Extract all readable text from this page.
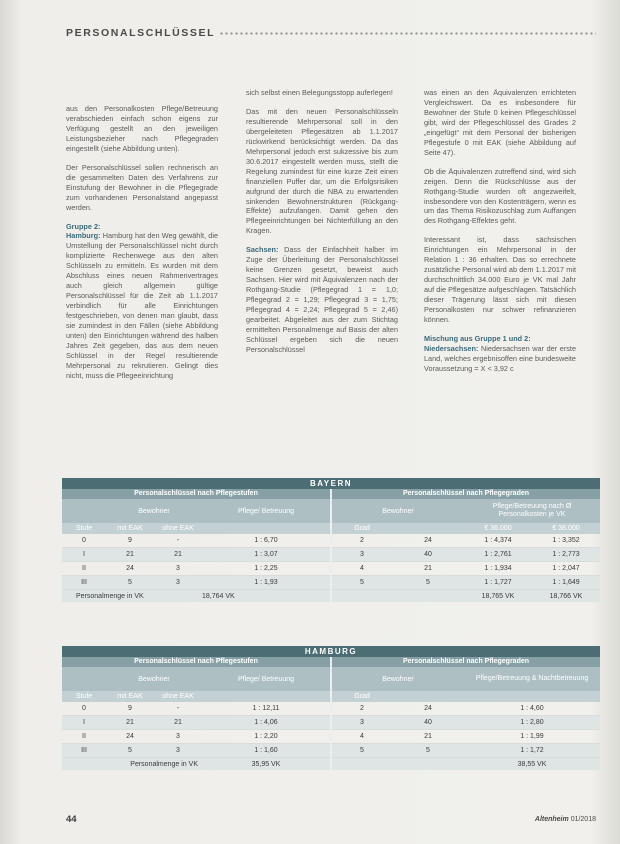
PERSONALSCHLÜSSEL

aus den Personalkosten Pflege/Betreuung verabschieden einfach schon eigens zur Verfügung gestellt an den jeweiligen Leistungsbezieher nach Pflegegraden eingestellt (siehe Abbildung unten).

Der Personalschlüssel sollen rechnerisch an die gesammelten Daten des Verfahrens zur Einstufung der Bewohner in die Pflegegrade zum vorhandenen Personalstand angepasst werden.

Gruppe 2:

Hamburg: Hamburg hat den Weg gewählt, die Umstellung der Personalschlüssel nicht durch komplizierte Rechenwege aus den alten Schlüsseln zu ermitteln. Es wurden mit dem Abschluss eines neuen Rahmenvertrages auch gleich allgemein gültige Personalschlüssel für die Zeit ab 1.1.2017 verbindlich für alle Einrichtungen festgeschrieben, von denen man glaubt, dass sie zumindest in den Fällen (siehe Abbildung unten) den Einrichtungen während des halben Jahres Zeit gegeben, das aus dem neuen Schlüssel in der Regel resultierende Mehrpersonal zu rekrutieren. Gelingt dies nicht, muss die Pflegeeinrichtung

sich selbst einen Belegungsstopp auferlegen!

Das mit den neuen Personalschlüsseln resultierende Mehrpersonal soll in den übergeleiteten Pflegesätzen ab 1.1.2017 rückwirkend berücksichtigt werden. Da das Mehrpersonal jedoch erst sukzessive bis zum 30.6.2017 eingestellt werden muss, stellt die Regelung zumindest für eine kurze Zeit einen finanziellen Puffer dar, um die Erfolgsrisiken aufgrund der durch die NBA zu erwartenden sinkenden Bewohnerstrukturen (Rückgang-Effekte) aufzufangen. Damit gehen den Pflegeeinrichtungen bei Nichterfüllung an den Kragen.

Sachsen: Dass der Einfachheit halber im Zuge der Überleitung der Personalschlüssel keine Grenzen gesetzt, beweist auch Sachsen. Hier wird mit Äquivalenzen nach der Rothgang-Studie (Pflegegrad 1 = 1,0; Pflegegrad 2 = 1,29; Pflegegrad 3 = 1,75; Pflegegrad 4 = 2,24; Pflegegrad 5 = 2,46) gearbeitet. Abgeleitet aus der zum Stichtag ermittelten Personalmenge auf Basis der alten Schlüssel ergeben sich die neuen Personalschlüssel

was einen an den Äquivalenzen errichteten Vergleichswert. Da es insbesondere für Bewohner der Stufe 0 keinen Pflegeschlüssel gibt, wird der Pflegeschlüssel des Grades 2 „eingefügt“ mit dem Personal der bisherigen Pflegestufe 0 mit EAK (siehe Abbildung auf Seite 47).

Ob die Äquivalenzen zutreffend sind, wird sich zeigen. Denn die Rückschlüsse aus der Rothgang-Studie wurden oft angezweifelt, insbesondere von den Kostenträgern, wenn es um das Thema Risikozuschlag zum Auffangen des Rothgang-Effektes geht.

Interessant ist, dass sächsischen Einrichtungen ein Mehrpersonal in der Relation 1 : 36 erhalten. Das so errechnete zusätzliche Personal wird ab dem 1.1.2017 mit durchschnittlich 34.000 Euro je VK mal Jahr auf die Pflegesätze aufgeschlagen. Tatsächlich dieser Trägerung lässt sich mit diesen Personalkosten nur schwer refinanzieren können.

Mischung aus Gruppe 1 und 2:

Niedersachsen: Niedersachsen war der erste Land, welches ergebnisoffen eine bundesweite Voraussetzung = X < 3,92 c

BAYERN
Personalschlüssel nach Pflegestufen
Bewohner	Pflege/ Betreuung
Stufe	mit EAK	ohne EAK
0	9	-	1 : 6,70
I	21	21	1 : 3,07
II	24	3	1 : 2,25
III	5	3	1 : 1,93
Personalmenge in VK	18,764 VK
Personalschlüssel nach Pflegegraden
Bewohner
Pflege/Betreuung nach Ø Personalkosten je VK
Grad	€ 36.000	€ 38.000
2	24	1 : 4,374	1 : 3,352
3	40	1 : 2,761	1 : 2,773
4	21	1 : 1,934	1 : 2,047
5	5	1 : 1,727	1 : 1,649
18,765 VK	18,766 VK
HAMBURG
Personalschlüssel nach Pflegestufen
Bewohner	Pflege/ Betreuung
Stufe	mit EAK	ohne EAK
0	9	-	1 : 12,11
I	21	21	1 : 4,06
II	24	3	1 : 2,20
III	5	3	1 : 1,60
Personalmenge in VK	35,95 VK
Personalschlüssel nach Pflegegraden
Bewohner	Pflege/Betreuung & Nachtbetreuung
Grad
2	24	1 : 4,60
3	40	1 : 2,80
4	21	1 : 1,99
5	5	1 : 1,72
38,55 VK
44	Altenheim 01/2018
